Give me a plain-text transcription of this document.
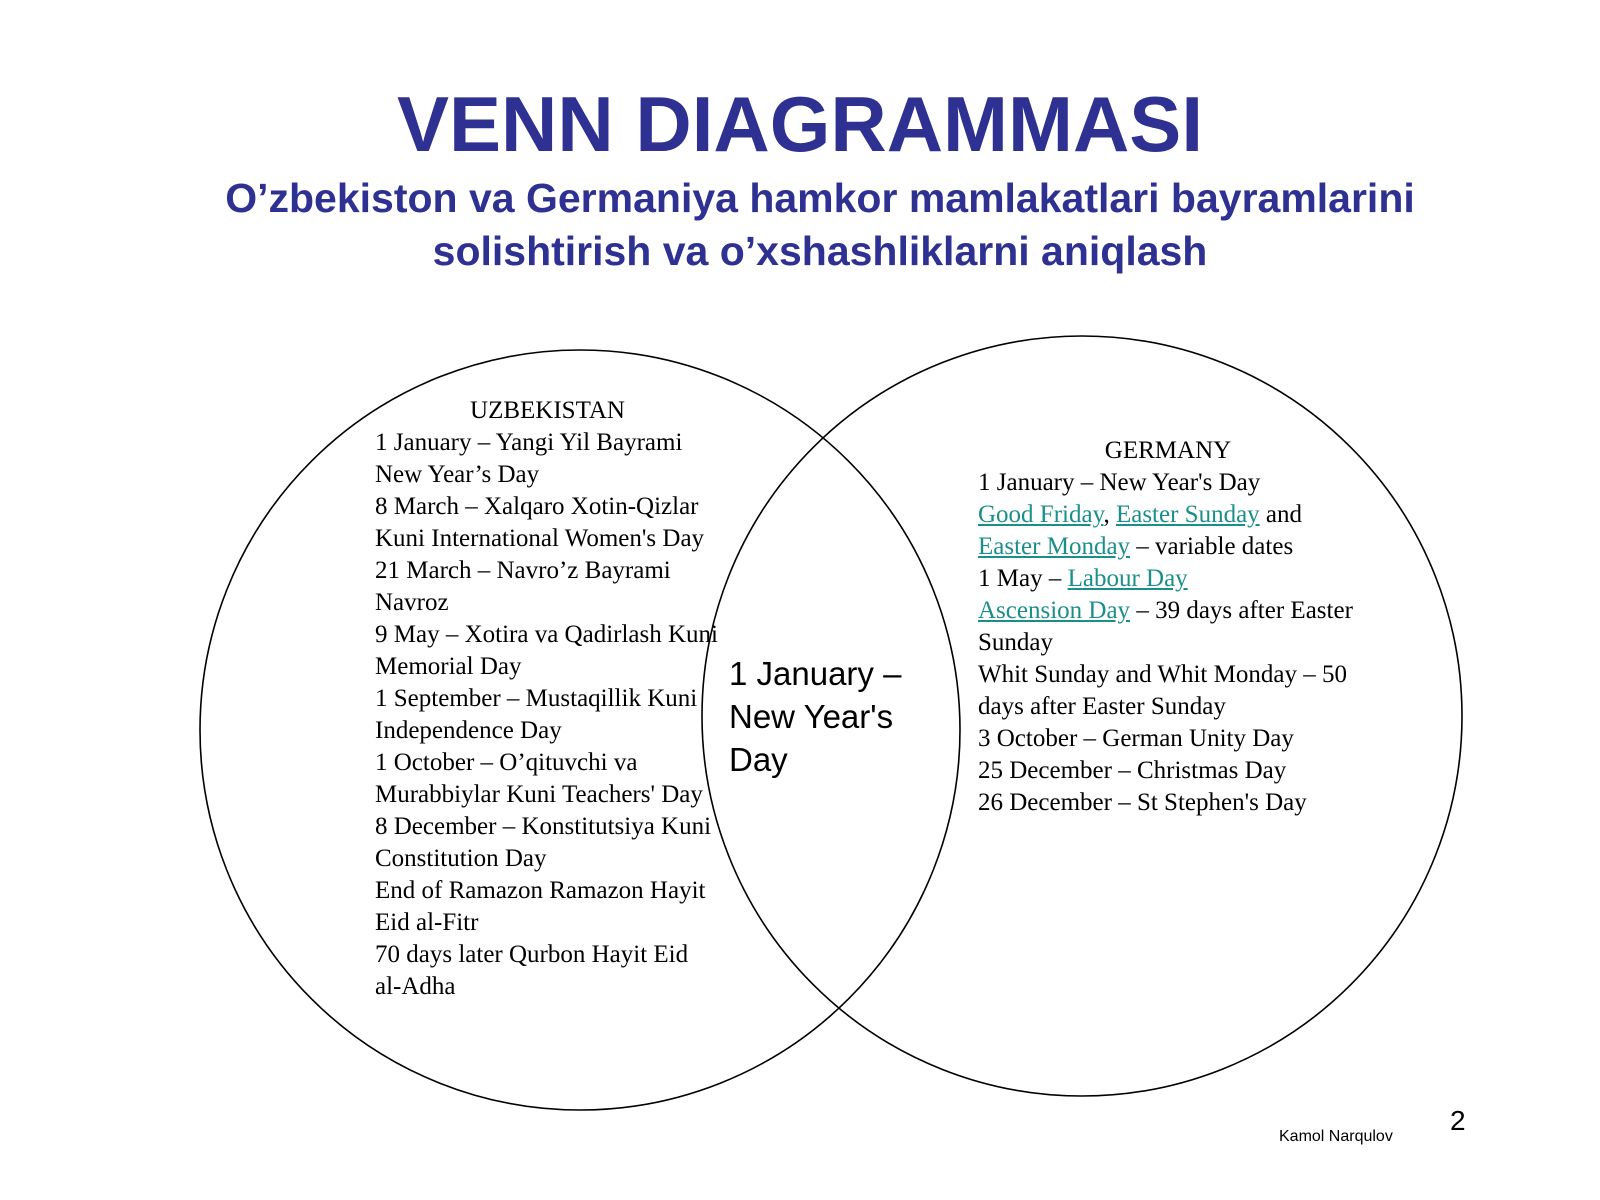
VENN DIAGRAMMASI
O’zbekiston va Germaniya hamkor mamlakatlari bayramlarini solishtirish va o’xshashliklarni aniqlash
UZBEKISTAN
1 January – Yangi Yil Bayrami New Year’s Day
8 March – Xalqaro Xotin-Qizlar Kuni International Women's Day
21 March – Navro’z Bayrami Navroz
9 May – Xotira va Qadirlash Kuni Memorial Day
1 September – Mustaqillik Kuni Independence Day
1 October – O’qituvchi va Murabbiylar Kuni Teachers' Day
8 December – Konstitutsiya Kuni Constitution Day
End of Ramazon Ramazon Hayit Eid al-Fitr
70 days later Qurbon Hayit Eid al-Adha
1 January – New Year's Day
GERMANY
1 January – New Year's Day
Good Friday, Easter Sunday and Easter Monday – variable dates
1 May – Labour Day
Ascension Day – 39 days after Easter Sunday
Whit Sunday and Whit Monday – 50 days after Easter Sunday
3 October – German Unity Day
25 December – Christmas Day
26 December – St Stephen's Day
Kamol Narqulov
2
